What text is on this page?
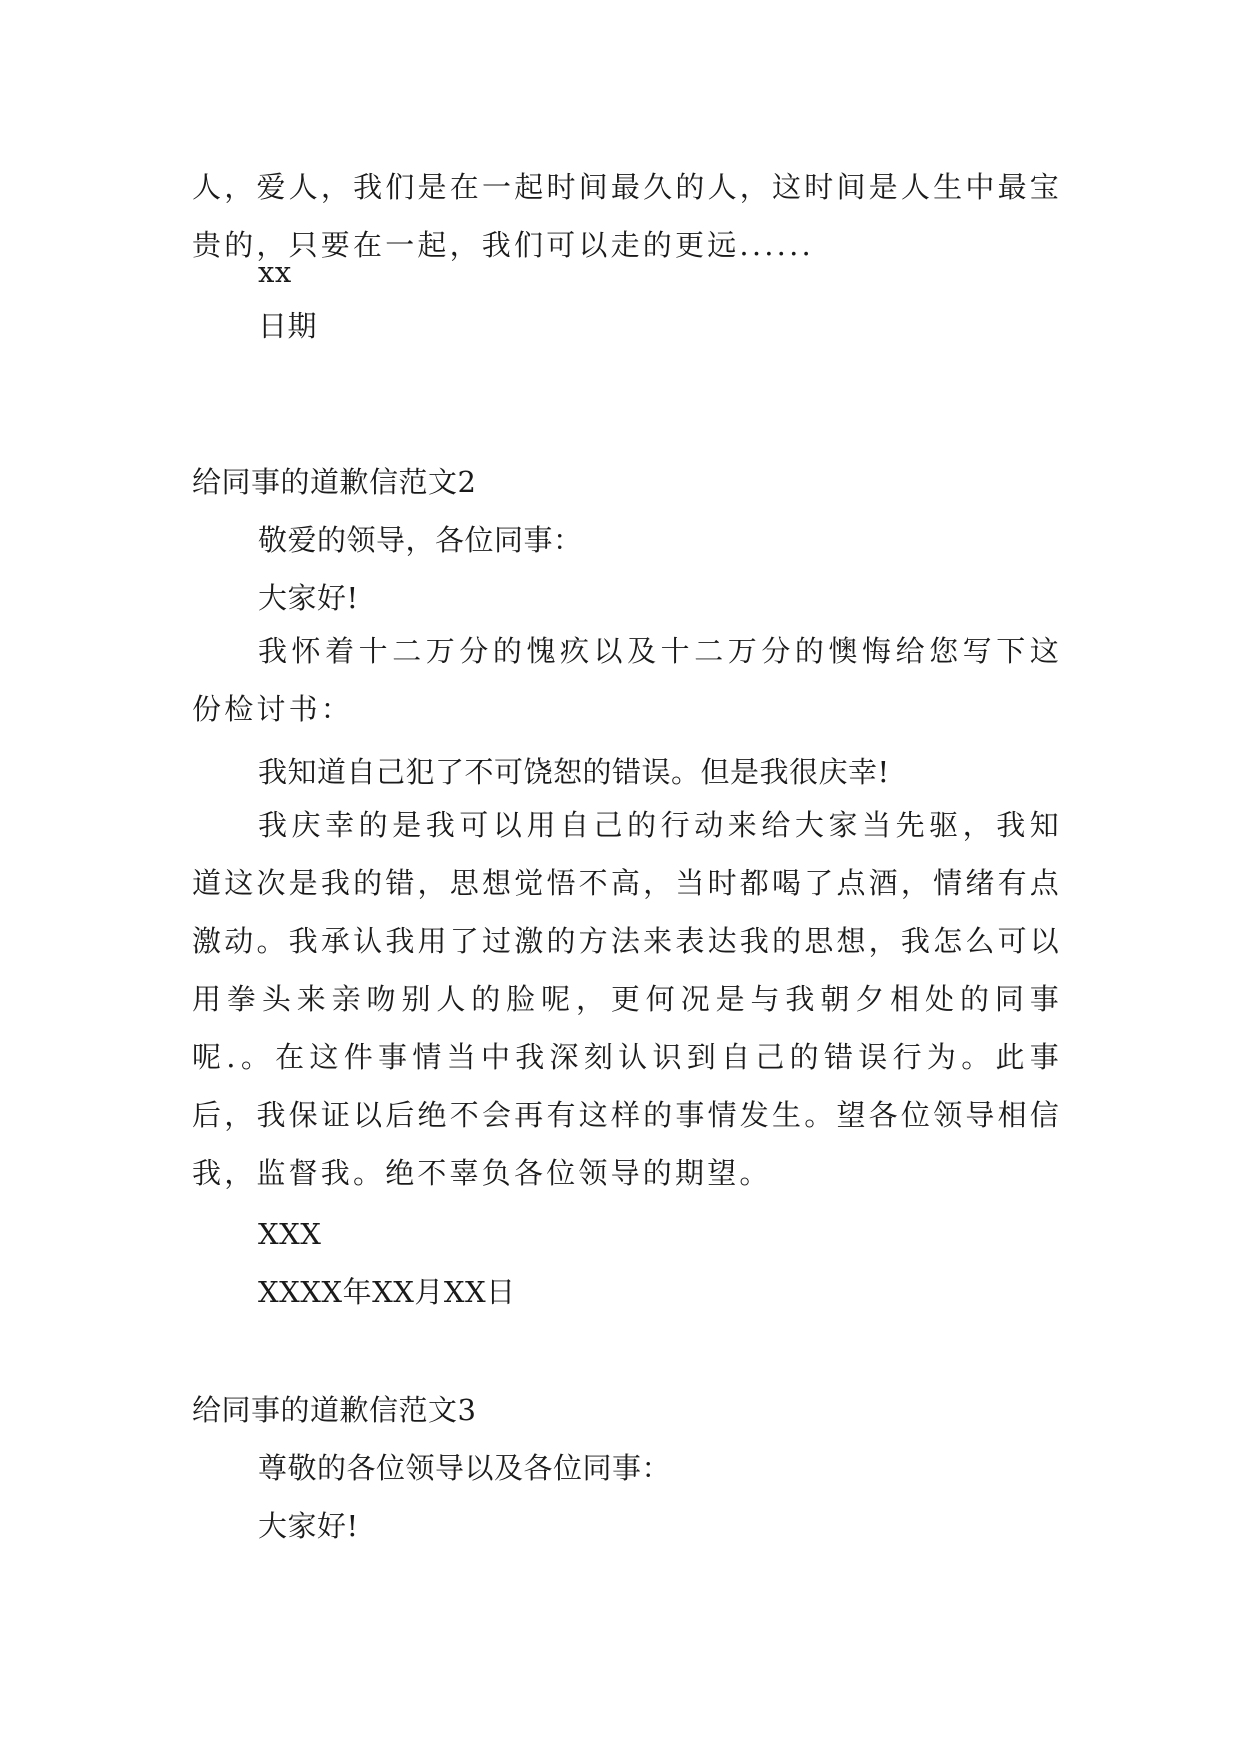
人，爱人，我们是在一起时间最久的人，这时间是人生中最宝贵的，只要在一起，我们可以走的更远......
xx
日期
给同事的道歉信范文2
敬爱的领导，各位同事：
大家好!
我怀着十二万分的愧疚以及十二万分的懊悔给您写下这份检讨书：
我知道自己犯了不可饶恕的错误。但是我很庆幸!
我庆幸的是我可以用自己的行动来给大家当先驱，我知道这次是我的错，思想觉悟不高，当时都喝了点酒，情绪有点激动。我承认我用了过激的方法来表达我的思想，我怎么可以用拳头来亲吻别人的脸呢，更何况是与我朝夕相处的同事呢.。在这件事情当中我深刻认识到自己的错误行为。此事后，我保证以后绝不会再有这样的事情发生。望各位领导相信我，监督我。绝不辜负各位领导的期望。
XXX
XXXX年XX月XX日
给同事的道歉信范文3
尊敬的各位领导以及各位同事：
大家好!
